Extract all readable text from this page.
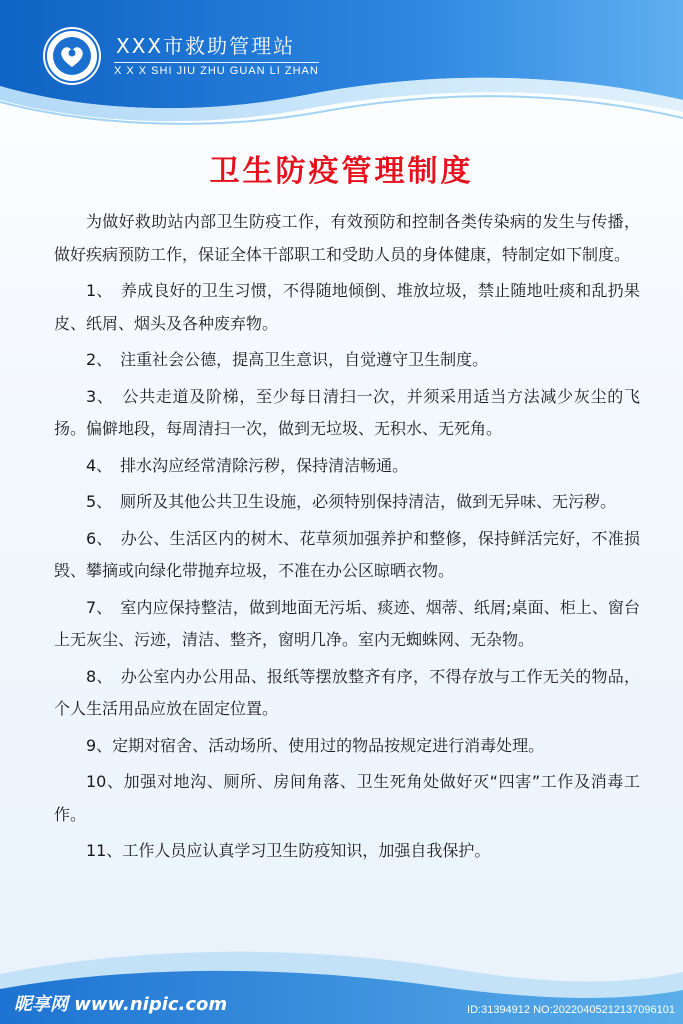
XXX市救助管理站
X X X SHI JIU ZHU GUAN LI ZHAN
卫生防疫管理制度

为做好救助站内部卫生防疫工作，有效预防和控制各类传染病的发生与传播，做好疾病预防工作，保证全体干部职工和受助人员的身体健康，特制定如下制度。

1、　养成良好的卫生习惯，不得随地倾倒、堆放垃圾，禁止随地吐痰和乱扔果皮、纸屑、烟头及各种废弃物。

2、　注重社会公德，提高卫生意识，自觉遵守卫生制度。

3、　公共走道及阶梯，至少每日清扫一次，并须采用适当方法减少灰尘的飞扬。偏僻地段，每周清扫一次，做到无垃圾、无积水、无死角。

4、　排水沟应经常清除污秽，保持清洁畅通。

5、　厕所及其他公共卫生设施，必须特别保持清洁，做到无异味、无污秽。

6、　办公、生活区内的树木、花草须加强养护和整修，保持鲜活完好，不准损毁、攀摘或向绿化带抛弃垃圾，不准在办公区晾晒衣物。

7、　室内应保持整洁，做到地面无污垢、痰迹、烟蒂、纸屑;桌面、柜上、窗台上无灰尘、污迹，清洁、整齐，窗明几净。室内无蜘蛛网、无杂物。

8、　办公室内办公用品、报纸等摆放整齐有序，不得存放与工作无关的物品，个人生活用品应放在固定位置。

9、定期对宿舍、活动场所、使用过的物品按规定进行消毒处理。

10、加强对地沟、厕所、房间角落、卫生死角处做好灭“四害”工作及消毒工作。

11、工作人员应认真学习卫生防疫知识，加强自我保护。

昵享网 www.nipic.com	ID:31394912 NO:20220405212137096101
